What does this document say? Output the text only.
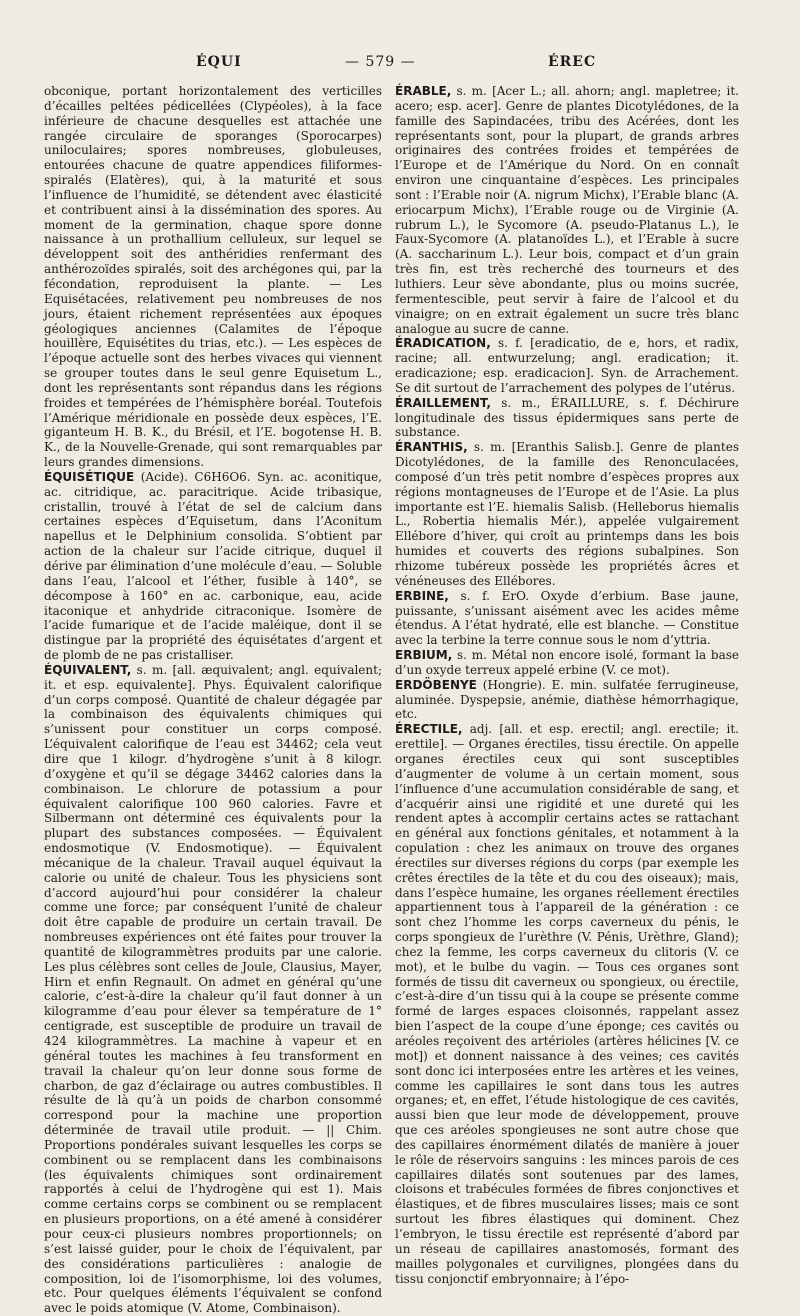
ÉQUI	— 579 —	ÉREC

obconique, portant horizontalement des verticilles d’écailles peltées pédicellées (Clypéoles), à la face inférieure de chacune desquelles est attachée une rangée circulaire de sporanges (Sporocarpes) uniloculaires; spores nombreuses, globuleuses, entourées chacune de quatre appendices filiformes-spiralés (Elatères), qui, à la maturité et sous l’influence de l’humidité, se détendent avec élasticité et contribuent ainsi à la dissémination des spores. Au moment de la germination, chaque spore donne naissance à un prothallium celluleux, sur lequel se développent soit des anthéridies renfermant des anthérozoïdes spiralés, soit des archégones qui, par la fécondation, reproduisent la plante. — Les Equisétacées, relativement peu nombreuses de nos jours, étaient richement représentées aux époques géologiques anciennes (Calamites de l’époque houillère, Equisétites du trias, etc.). — Les espèces de l’époque actuelle sont des herbes vivaces qui viennent se grouper toutes dans le seul genre Equisetum L., dont les représentants sont répandus dans les régions froides et tempérées de l’hémisphère boréal. Toutefois l’Amérique méridionale en possède deux espèces, l’E. giganteum H. B. K., du Brésil, et l’E. bogotense H. B. K., de la Nouvelle-Grenade, qui sont remarquables par leurs grandes dimensions.

ÉQUISÉTIQUE (Acide). C6H6O6. Syn. ac. aconitique, ac. citridique, ac. paracitrique. Acide tribasique, cristallin, trouvé à l’état de sel de calcium dans certaines espèces d’Equisetum, dans l’Aconitum napellus et le Delphinium consolida. S’obtient par action de la chaleur sur l’acide citrique, duquel il dérive par élimination d’une molécule d’eau. — Soluble dans l’eau, l’alcool et l’éther, fusible à 140°, se décompose à 160° en ac. carbonique, eau, acide itaconique et anhydride citraconique. Isomère de l’acide fumarique et de l’acide maléique, dont il se distingue par la propriété des équisétates d’argent et de plomb de ne pas cristalliser.

ÉQUIVALENT, s. m. [all. æquivalent; angl. equivalent; it. et esp. equivalente]. Phys. Équivalent calorifique d’un corps composé. Quantité de chaleur dégagée par la combinaison des équivalents chimiques qui s’unissent pour constituer un corps composé. L’équivalent calorifique de l’eau est 34462; cela veut dire que 1 kilogr. d’hydrogène s’unit à 8 kilogr. d’oxygène et qu’il se dégage 34462 calories dans la combinaison. Le chlorure de potassium a pour équivalent calorifique 100 960 calories. Favre et Silbermann ont déterminé ces équivalents pour la plupart des substances composées. — Équivalent endosmotique (V. Endosmotique). — Équivalent mécanique de la chaleur. Travail auquel équivaut la calorie ou unité de chaleur. Tous les physiciens sont d’accord aujourd’hui pour considérer la chaleur comme une force; par conséquent l’unité de chaleur doit être capable de produire un certain travail. De nombreuses expériences ont été faites pour trouver la quantité de kilogrammètres produits par une calorie. Les plus célèbres sont celles de Joule, Clausius, Mayer, Hirn et enfin Regnault. On admet en général qu’une calorie, c’est-à-dire la chaleur qu’il faut donner à un kilogramme d’eau pour élever sa température de 1° centigrade, est susceptible de produire un travail de 424 kilogrammètres. La machine à vapeur et en général toutes les machines à feu transforment en travail la chaleur qu’on leur donne sous forme de charbon, de gaz d’éclairage ou autres combustibles. Il résulte de là qu’à un poids de charbon consommé correspond pour la machine une proportion déterminée de travail utile produit. — || Chim. Proportions pondérales suivant lesquelles les corps se combinent ou se remplacent dans les combinaisons (les équivalents chimiques sont ordinairement rapportés à celui de l’hydrogène qui est 1). Mais comme certains corps se combinent ou se remplacent en plusieurs proportions, on a été amené à considérer pour ceux-ci plusieurs nombres proportionnels; on s’est laissé guider, pour le choix de l’équivalent, par des considérations particulières : analogie de composition, loi de l’isomorphisme, loi des volumes, etc. Pour quelques éléments l’équivalent se confond avec le poids atomique (V. Atome, Combinaison).

ÉRABLE, s. m. [Acer L.; all. ahorn; angl. mapletree; it. acero; esp. acer]. Genre de plantes Dicotylédones, de la famille des Sapindacées, tribu des Acérées, dont les représentants sont, pour la plupart, de grands arbres originaires des contrées froides et tempérées de l’Europe et de l’Amérique du Nord. On en connaît environ une cinquantaine d’espèces. Les principales sont : l’Erable noir (A. nigrum Michx), l’Erable blanc (A. eriocarpum Michx), l’Erable rouge ou de Virginie (A. rubrum L.), le Sycomore (A. pseudo-Platanus L.), le Faux-Sycomore (A. platanoïdes L.), et l’Erable à sucre (A. saccharinum L.). Leur bois, compact et d’un grain très fin, est très recherché des tourneurs et des luthiers. Leur sève abondante, plus ou moins sucrée, fermentescible, peut servir à faire de l’alcool et du vinaigre; on en extrait également un sucre très blanc analogue au sucre de canne.

ÉRADICATION, s. f. [eradicatio, de e, hors, et radix, racine; all. entwurzelung; angl. eradication; it. eradicazione; esp. eradicacion]. Syn. de Arrachement. Se dit surtout de l’arrachement des polypes de l’utérus.

ÉRAILLEMENT, s. m., ÉRAILLURE, s. f. Déchirure longitudinale des tissus épidermiques sans perte de substance.

ÉRANTHIS, s. m. [Eranthis Salisb.]. Genre de plantes Dicotylédones, de la famille des Renonculacées, composé d’un très petit nombre d’espèces propres aux régions montagneuses de l’Europe et de l’Asie. La plus importante est l’E. hiemalis Salisb. (Helleborus hiemalis L., Robertia hiemalis Mér.), appelée vulgairement Ellébore d’hiver, qui croît au printemps dans les bois humides et couverts des régions subalpines. Son rhizome tubéreux possède les propriétés âcres et vénéneuses des Ellébores.

ERBINE, s. f. ErO. Oxyde d’erbium. Base jaune, puissante, s’unissant aisément avec les acides même étendus. A l’état hydraté, elle est blanche. — Constitue avec la terbine la terre connue sous le nom d’yttria.

ERBIUM, s. m. Métal non encore isolé, formant la base d’un oxyde terreux appelé erbine (V. ce mot).

ERDÖBENYE (Hongrie). E. min. sulfatée ferrugineuse, aluminée. Dyspepsie, anémie, diathèse hémorrhagique, etc.

ÉRECTILE, adj. [all. et esp. erectil; angl. erectile; it. erettile]. — Organes érectiles, tissu érectile. On appelle organes érectiles ceux qui sont susceptibles d’augmenter de volume à un certain moment, sous l’influence d’une accumulation considérable de sang, et d’acquérir ainsi une rigidité et une dureté qui les rendent aptes à accomplir certains actes se rattachant en général aux fonctions génitales, et notamment à la copulation : chez les animaux on trouve des organes érectiles sur diverses régions du corps (par exemple les crêtes érectiles de la tête et du cou des oiseaux); mais, dans l’espèce humaine, les organes réellement érectiles appartiennent tous à l’appareil de la génération : ce sont chez l’homme les corps caverneux du pénis, le corps spongieux de l’urèthre (V. Pénis, Urèthre, Gland); chez la femme, les corps caverneux du clitoris (V. ce mot), et le bulbe du vagin. — Tous ces organes sont formés de tissu dit caverneux ou spongieux, ou érectile, c’est-à-dire d’un tissu qui à la coupe se présente comme formé de larges espaces cloisonnés, rappelant assez bien l’aspect de la coupe d’une éponge; ces cavités ou aréoles reçoivent des artérioles (artères hélicines [V. ce mot]) et donnent naissance à des veines; ces cavités sont donc ici interposées entre les artères et les veines, comme les capillaires le sont dans tous les autres organes; et, en effet, l’étude histologique de ces cavités, aussi bien que leur mode de développement, prouve que ces aréoles spongieuses ne sont autre chose que des capillaires énormément dilatés de manière à jouer le rôle de réservoirs sanguins : les minces parois de ces capillaires dilatés sont soutenues par des lames, cloisons et trabécules formées de fibres conjonctives et élastiques, et de fibres musculaires lisses; mais ce sont surtout les fibres élastiques qui dominent. Chez l’embryon, le tissu érectile est représenté d’abord par un réseau de capillaires anastomosés, formant des mailles polygonales et curvilignes, plongées dans du tissu conjonctif embryonnaire; à l’épo-
